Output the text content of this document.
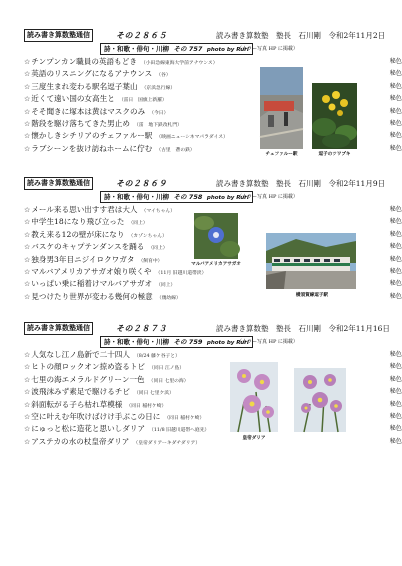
読み書き算数塾通信	その２８６５	読み書き算数塾　塾長　石川剛　令和2年11月2日
詩・和歌・俳句・川柳 その 757 photo by Ruri
（カラー写真 HP に掲載）
☆チンプンカン職員の英語もどき （小田急線東海大学前アナウンス）
☆英語のリスニングになるアナウンス （谷）
☆三度生まれ変わる駅名逗子葉山 （京浜急行線）
☆近くて遠い国の女高生と （雷日　国旗上新羅）
☆そそ聞きに塚本は黄はマスクのみ （今日）
☆階段を駆け落ちてきた男止め （雷　地下鉄改札門）
☆懐かしきシチリアのチェファルー駅 （映画ニューシネマパラダイス）
☆ラブシーンを抜け訪ねホームに佇む （古里　蒼の鉄）
秘色
秘色
秘色
秘色
秘色
秘色
秘色
秘色
チェファルー駅	逗子のツワブキ
読み書き算数塾通信	その２８６９	読み書き算数塾　塾長　石川剛　令和2年11月9日
詩・和歌・俳句・川柳 その 758 photo by Ruri
（カラー写真 HP に掲載）
☆メール来る思い出すす君は大人 （マイちゃん）
☆中学生18になり飛び立った （同上）
☆教え来る12の壁が床になり （カゾンちゃん）
☆バスケのキャプテンダンスを踊る （同上）
☆独身男3年目ニジイロクワガタ （飼育中）
☆マルバアメリカアサガオ娘り咲くや （11月 旧越川道帯淡）
☆いっぱい乗に稲着けマルバアサガオ （同上）
☆見つけたり世界が変わる幾何の極意 （幾幼線）
秘色
秘色
秘色
秘色
秘色
秘色
秘色
秘色
マルバアメリカアサガオ
横須賀線逗子駅
読み書き算数塾通信	その２８７３	読み書き算数塾　塾長　石川剛　令和2年11月16日
詩・和歌・俳句・川柳 その 759 photo by Ruri
（カラー写真 HP に掲載）
☆人気なし江ノ島新で二十四人 （8/24 藤ケ谷子と）
☆ヒトの顔ロックオン掠め盗るトビ （同日 江ノ島）
☆七里の海エメラルドグリーン一色 （同日 七里の海）
☆波飛沫みず素足で駆けるチビ （同日 七里ケ浜）
☆斜面転がる子ら枯れ草模様 （同日 稲村ケ崎）
☆空に叶えむ年吹けばけけ手ぶこの日に （同日 稲村ケ崎）
☆にゅっと松に造花と思いしダリア （11/8 旧越川道帯へ庭先）
☆アステカの水の杖皇帝ダリア （皇帝ダリアーキダチダリア）
秘色
秘色
秘色
秘色
秘色
秘色
秘色
秘色
皇帝ダリア
